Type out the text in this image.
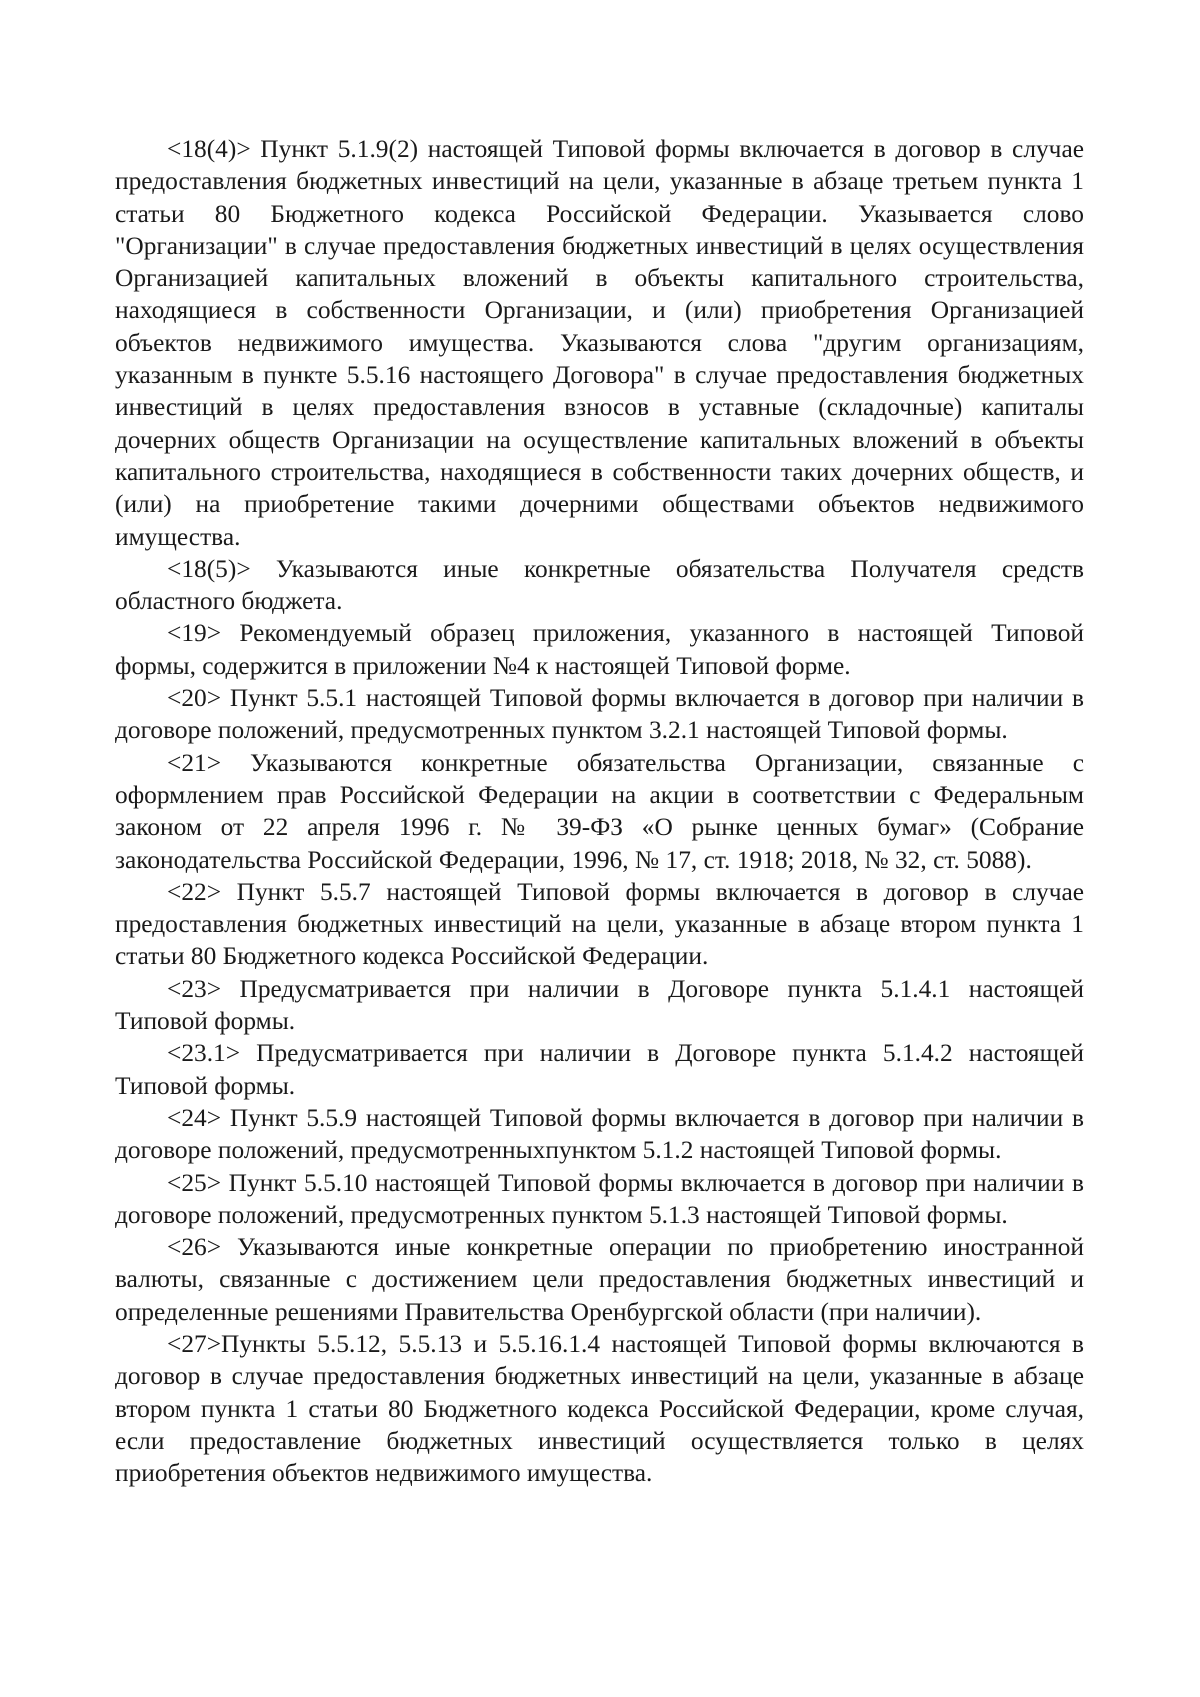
<18(4)> Пункт 5.1.9(2) настоящей Типовой формы включается в договор в случае предоставления бюджетных инвестиций на цели, указанные в абзаце третьем пункта 1 статьи 80 Бюджетного кодекса Российской Федерации. Указывается слово "Организации" в случае предоставления бюджетных инвестиций в целях осуществления Организацией капитальных вложений в объекты капитального строительства, находящиеся в собственности Организации, и (или) приобретения Организацией объектов недвижимого имущества. Указываются слова "другим организациям, указанным в пункте 5.5.16 настоящего Договора" в случае предоставления бюджетных инвестиций в целях предоставления взносов в уставные (складочные) капиталы дочерних обществ Организации на осуществление капитальных вложений в объекты капитального строительства, находящиеся в собственности таких дочерних обществ, и (или) на приобретение такими дочерними обществами объектов недвижимого имущества.

<18(5)> Указываются иные конкретные обязательства Получателя средств областного бюджета.

<19> Рекомендуемый образец приложения, указанного в настоящей Типовой формы, содержится в приложении №4 к настоящей Типовой форме.

<20> Пункт 5.5.1 настоящей Типовой формы включается в договор при наличии в договоре положений, предусмотренных пунктом 3.2.1 настоящей Типовой формы.

<21> Указываются конкретные обязательства Организации, связанные с оформлением прав Российской Федерации на акции в соответствии с Федеральным законом от 22 апреля 1996 г. № 39-ФЗ «О рынке ценных бумаг» (Собрание законодательства Российской Федерации, 1996, № 17, ст. 1918; 2018, № 32, ст. 5088).

<22> Пункт 5.5.7 настоящей Типовой формы включается в договор в случае предоставления бюджетных инвестиций на цели, указанные в абзаце втором пункта 1 статьи 80 Бюджетного кодекса Российской Федерации.

<23> Предусматривается при наличии в Договоре пункта 5.1.4.1 настоящей Типовой формы.

<23.1> Предусматривается при наличии в Договоре пункта 5.1.4.2 настоящей Типовой формы.

<24> Пункт 5.5.9 настоящей Типовой формы включается в договор при наличии в договоре положений, предусмотренныхпунктом 5.1.2 настоящей Типовой формы.

<25> Пункт 5.5.10 настоящей Типовой формы включается в договор при наличии в договоре положений, предусмотренных пунктом 5.1.3 настоящей Типовой формы.

<26> Указываются иные конкретные операции по приобретению иностранной валюты, связанные с достижением цели предоставления бюджетных инвестиций и определенные решениями Правительства Оренбургской области (при наличии).

<27>Пункты 5.5.12, 5.5.13 и 5.5.16.1.4 настоящей Типовой формы включаются в договор в случае предоставления бюджетных инвестиций на цели, указанные в абзаце втором пункта 1 статьи 80 Бюджетного кодекса Российской Федерации, кроме случая, если предоставление бюджетных инвестиций осуществляется только в целях приобретения объектов недвижимого имущества.
